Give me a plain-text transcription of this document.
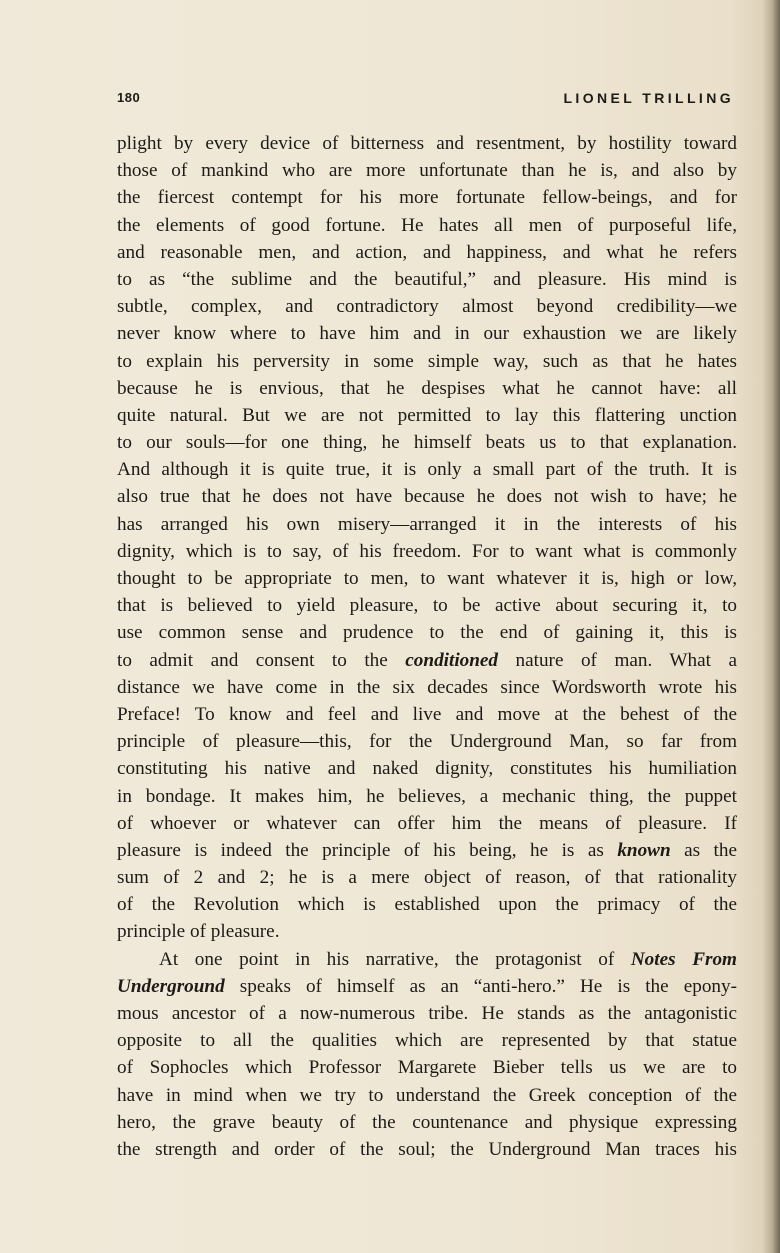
180	LIONEL TRILLING
plight by every device of bitterness and resentment, by hostility toward
those of mankind who are more unfortunate than he is, and also by
the fiercest contempt for his more fortunate fellow-beings, and for
the elements of good fortune. He hates all men of purposeful life,
and reasonable men, and action, and happiness, and what he refers
to as “the sublime and the beautiful,” and pleasure. His mind is
subtle, complex, and contradictory almost beyond credibility—we
never know where to have him and in our exhaustion we are likely
to explain his perversity in some simple way, such as that he hates
because he is envious, that he despises what he cannot have: all
quite natural. But we are not permitted to lay this flattering unction
to our souls—for one thing, he himself beats us to that explanation.
And although it is quite true, it is only a small part of the truth. It is
also true that he does not have because he does not wish to have; he
has arranged his own misery—arranged it in the interests of his
dignity, which is to say, of his freedom. For to want what is commonly
thought to be appropriate to men, to want whatever it is, high or low,
that is believed to yield pleasure, to be active about securing it, to
use common sense and prudence to the end of gaining it, this is
to admit and consent to the conditioned nature of man. What a
distance we have come in the six decades since Wordsworth wrote his
Preface! To know and feel and live and move at the behest of the
principle of pleasure—this, for the Underground Man, so far from
constituting his native and naked dignity, constitutes his humiliation
in bondage. It makes him, he believes, a mechanic thing, the puppet
of whoever or whatever can offer him the means of pleasure. If
pleasure is indeed the principle of his being, he is as known as the
sum of 2 and 2; he is a mere object of reason, of that rationality
of the Revolution which is established upon the primacy of the
principle of pleasure.
At one point in his narrative, the protagonist of Notes From
Underground speaks of himself as an “anti-hero.” He is the epony-
mous ancestor of a now-numerous tribe. He stands as the antagonistic
opposite to all the qualities which are represented by that statue
of Sophocles which Professor Margarete Bieber tells us we are to
have in mind when we try to understand the Greek conception of the
hero, the grave beauty of the countenance and physique expressing
the strength and order of the soul; the Underground Man traces his
